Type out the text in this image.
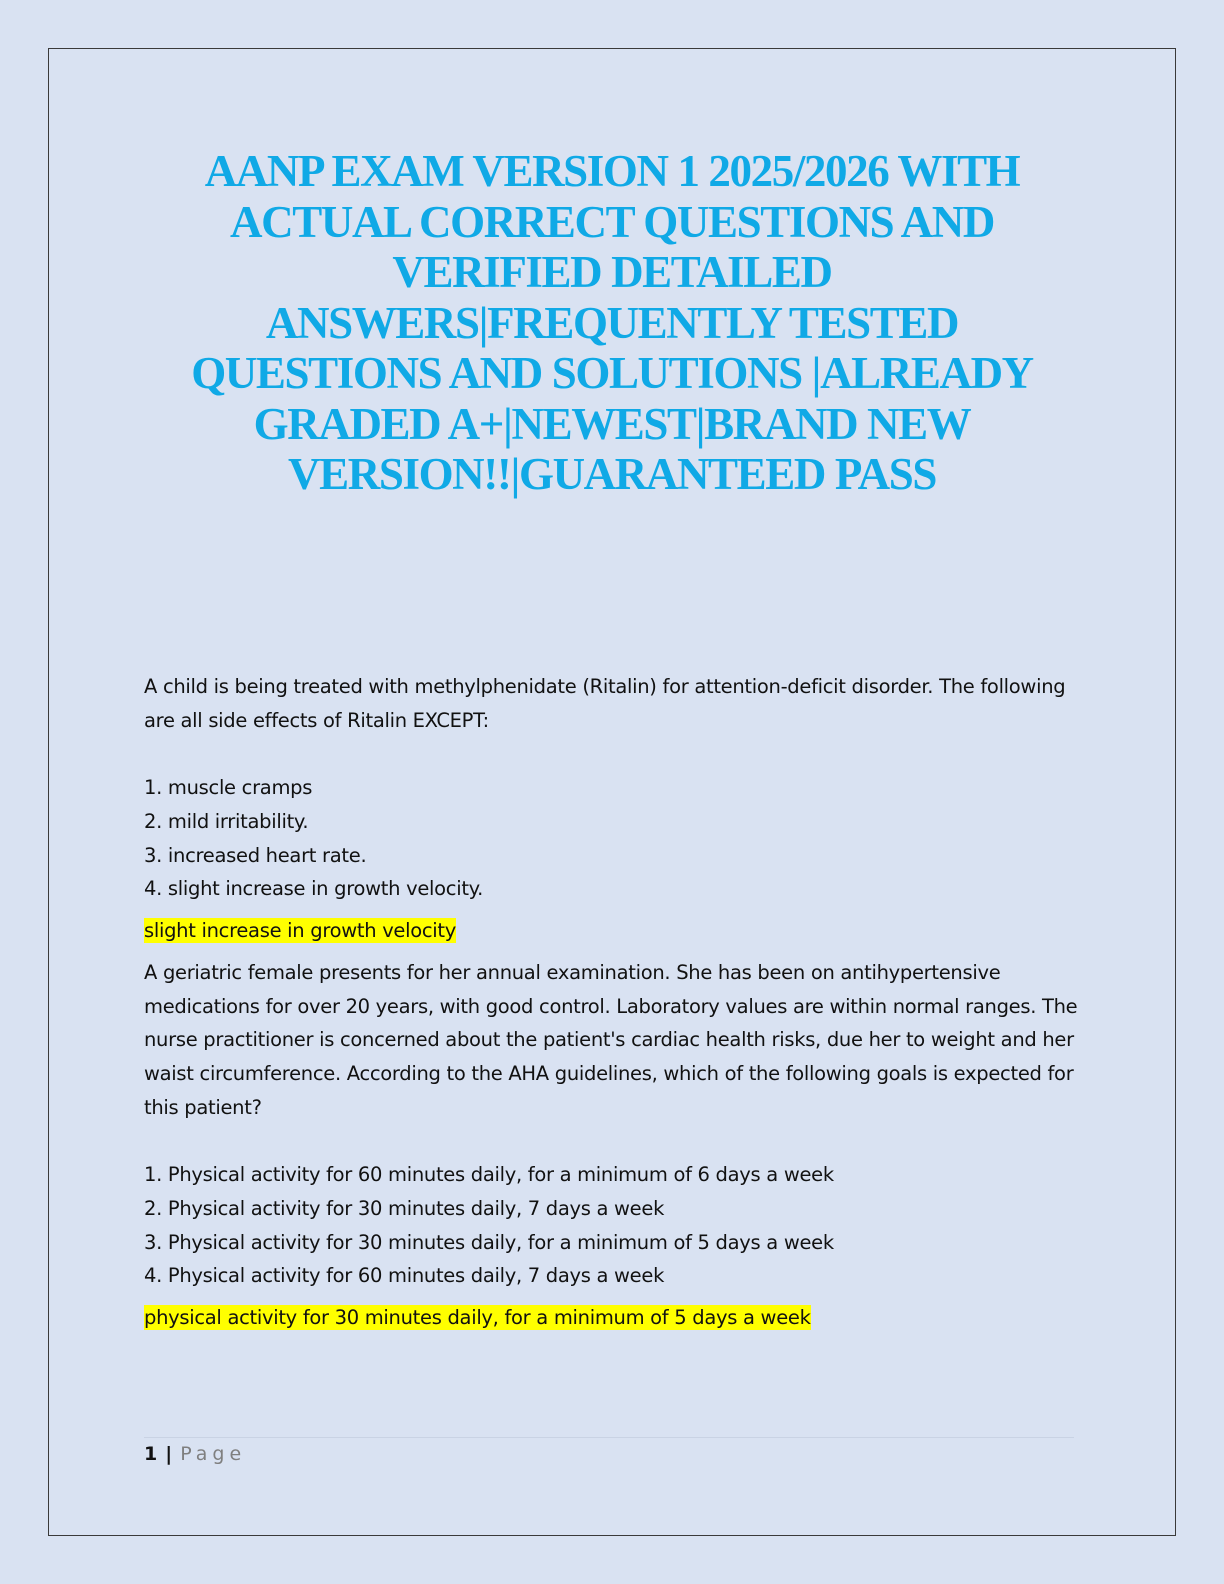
AANP EXAM VERSION 1 2025/2026 WITH ACTUAL CORRECT QUESTIONS AND VERIFIED DETAILED ANSWERS|FREQUENTLY TESTED QUESTIONS AND SOLUTIONS |ALREADY GRADED A+|NEWEST|BRAND NEW VERSION!!|GUARANTEED PASS

A child is being treated with methylphenidate (Ritalin) for attention-deficit disorder. The following are all side effects of Ritalin EXCEPT:

1. muscle cramps
2. mild irritability.
3. increased heart rate.
4. slight increase in growth velocity.

slight increase in growth velocity

A geriatric female presents for her annual examination. She has been on antihypertensive medications for over 20 years, with good control. Laboratory values are within normal ranges. The nurse practitioner is concerned about the patient's cardiac health risks, due her to weight and her waist circumference. According to the AHA guidelines, which of the following goals is expected for this patient?

1. Physical activity for 60 minutes daily, for a minimum of 6 days a week
2. Physical activity for 30 minutes daily, 7 days a week
3. Physical activity for 30 minutes daily, for a minimum of 5 days a week
4. Physical activity for 60 minutes daily, 7 days a week

physical activity for 30 minutes daily, for a minimum of 5 days a week

1 | Page
